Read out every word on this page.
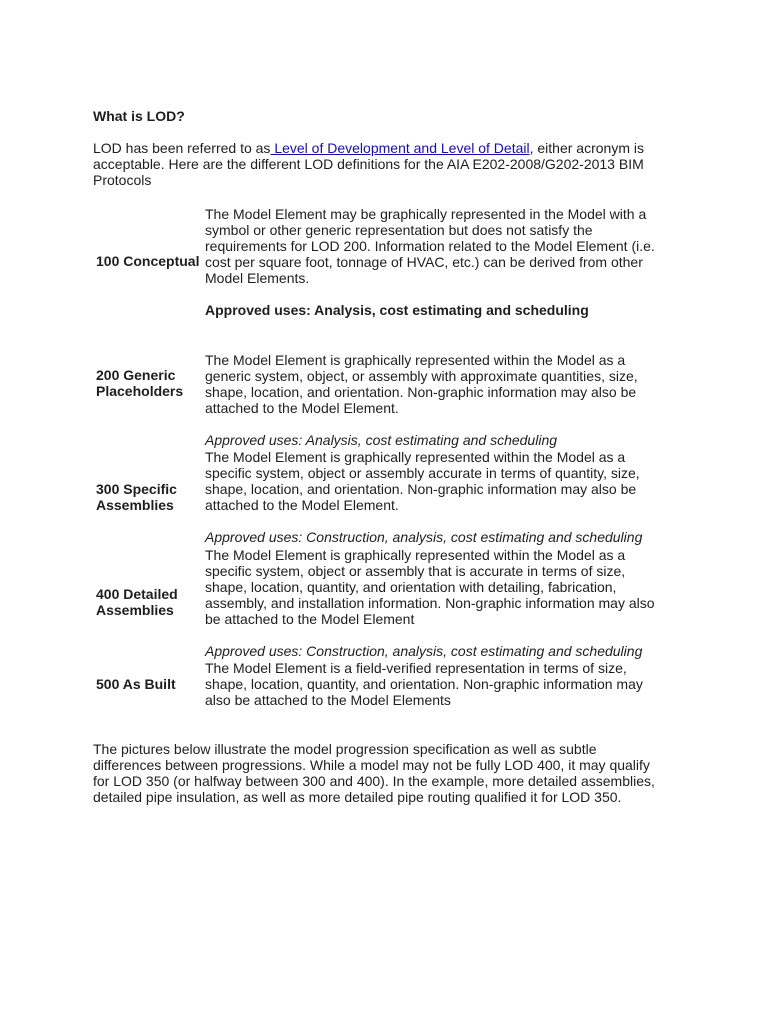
What is LOD?
LOD has been referred to as Level of Development and Level of Detail, either acronym is acceptable. Here are the different LOD definitions for the AIA E202-2008/G202-2013 BIM Protocols
100 Conceptual
The Model Element may be graphically represented in the Model with a symbol or other generic representation but does not satisfy the requirements for LOD 200. Information related to the Model Element (i.e. cost per square foot, tonnage of HVAC, etc.) can be derived from other Model Elements.
Approved uses: Analysis, cost estimating and scheduling
200 Generic Placeholders
The Model Element is graphically represented within the Model as a generic system, object, or assembly with approximate quantities, size, shape, location, and orientation. Non-graphic information may also be attached to the Model Element.
Approved uses: Analysis, cost estimating and scheduling
300 Specific Assemblies
The Model Element is graphically represented within the Model as a specific system, object or assembly accurate in terms of quantity, size, shape, location, and orientation. Non-graphic information may also be attached to the Model Element.
Approved uses: Construction, analysis, cost estimating and scheduling
400 Detailed Assemblies
The Model Element is graphically represented within the Model as a specific system, object or assembly that is accurate in terms of size, shape, location, quantity, and orientation with detailing, fabrication, assembly, and installation information. Non-graphic information may also be attached to the Model Element
Approved uses: Construction, analysis, cost estimating and scheduling
500 As Built
The Model Element is a field-verified representation in terms of size, shape, location, quantity, and orientation. Non-graphic information may also be attached to the Model Elements
The pictures below illustrate the model progression specification as well as subtle differences between progressions. While a model may not be fully LOD 400, it may qualify for LOD 350 (or halfway between 300 and 400). In the example, more detailed assemblies, detailed pipe insulation, as well as more detailed pipe routing qualified it for LOD 350.
